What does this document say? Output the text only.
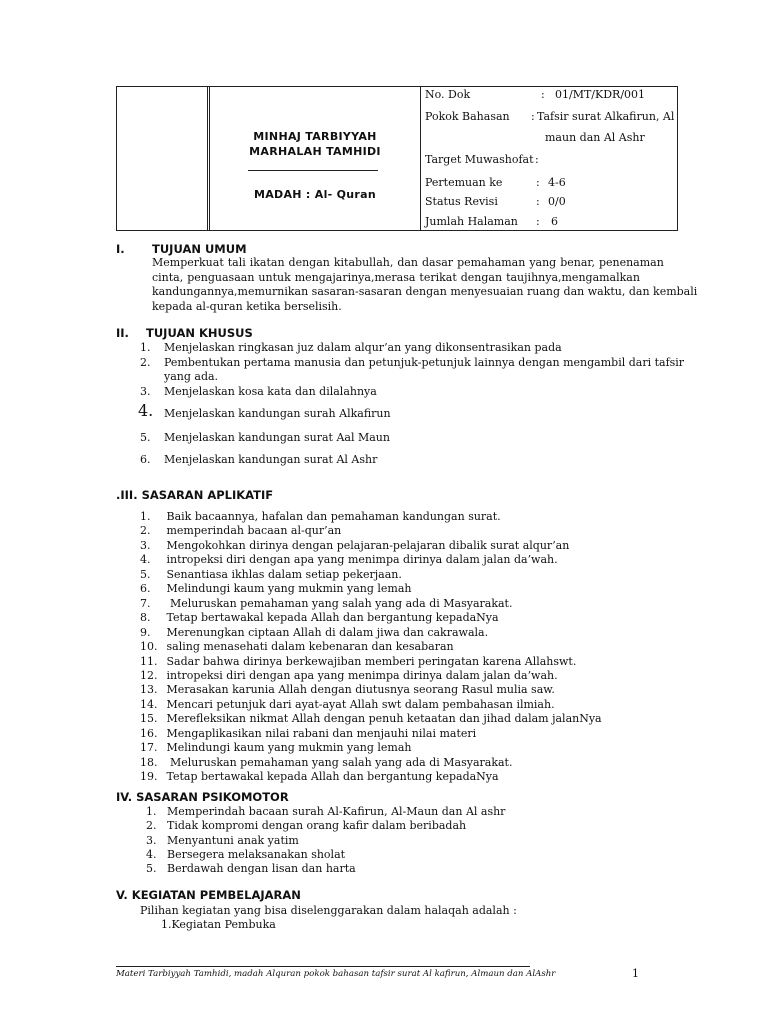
MINHAJ TARBIYYAH
MARHALAH TAMHIDI
MADAH : Al- Quran
No. Dok	: 01/MT/KDR/001
Pokok Bahasan : Tafsir surat Alkafirun, Al
maun dan Al Ashr
Target Muwashofat :
Pertemuan ke	: 4-6
Status Revisi	: 0/0
Jumlah Halaman : 6
I. TUJUAN UMUM
Memperkuat tali ikatan dengan kitabullah, dan dasar pemahaman yang benar, penenaman
cinta, penguasaan untuk mengajarinya,merasa terikat dengan taujihnya,mengamalkan
kandungannya,memurnikan sasaran-sasaran dengan menyesuaian ruang dan waktu, dan kembali
kepada al-quran ketika berselisih.
II. TUJUAN KHUSUS
1. Menjelaskan ringkasan juz dalam alqur’an yang dikonsentrasikan pada
2. Pembentukan pertama manusia dan petunjuk-petunjuk lainnya dengan mengambil dari tafsir
yang ada.
3. Menjelaskan kosa kata dan dilalahnya
4. Menjelaskan kandungan surah Alkafirun
5. Menjelaskan kandungan surat Aal Maun
6. Menjelaskan kandungan surat Al Ashr
.III. SASARAN APLIKATIF
1. Baik bacaannya, hafalan dan pemahaman kandungan surat.
2. memperindah bacaan al-qur’an
3. Mengokohkan dirinya dengan pelajaran-pelajaran dibalik surat alqur’an
4. intropeksi diri dengan apa yang menimpa dirinya dalam jalan da’wah.
5. Senantiasa ikhlas dalam setiap pekerjaan.
6. Melindungi kaum yang mukmin yang lemah
7. Meluruskan pemahaman yang salah yang ada di Masyarakat.
8. Tetap bertawakal kepada Allah dan bergantung kepadaNya
9. Merenungkan ciptaan Allah di dalam jiwa dan cakrawala.
10. saling menasehati dalam kebenaran dan kesabaran
11. Sadar bahwa dirinya berkewajiban memberi peringatan karena Allahswt.
12. intropeksi diri dengan apa yang menimpa dirinya dalam jalan da’wah.
13. Merasakan karunia Allah dengan diutusnya seorang Rasul mulia saw.
14. Mencari petunjuk dari ayat-ayat Allah swt dalam pembahasan ilmiah.
15. Merefleksikan nikmat Allah dengan penuh ketaatan dan jihad dalam jalanNya
16. Mengaplikasikan nilai rabani dan menjauhi nilai materi
17. Melindungi kaum yang mukmin yang lemah
18. Meluruskan pemahaman yang salah yang ada di Masyarakat.
19. Tetap bertawakal kepada Allah dan bergantung kepadaNya
IV. SASARAN PSIKOMOTOR
1. Memperindah bacaan surah Al-Kafirun, Al-Maun dan Al ashr
2. Tidak kompromi dengan orang kafir dalam beribadah
3. Menyantuni anak yatim
4. Bersegera melaksanakan sholat
5. Berdawah dengan lisan dan harta
V. KEGIATAN PEMBELAJARAN
Pilihan kegiatan yang bisa diselenggarakan dalam halaqah adalah :
1.Kegiatan Pembuka
Materi Tarbiyyah Tamhidi, madah Alquran pokok bahasan tafsir surat Al kafirun, Almaun dan AlAshr	1
